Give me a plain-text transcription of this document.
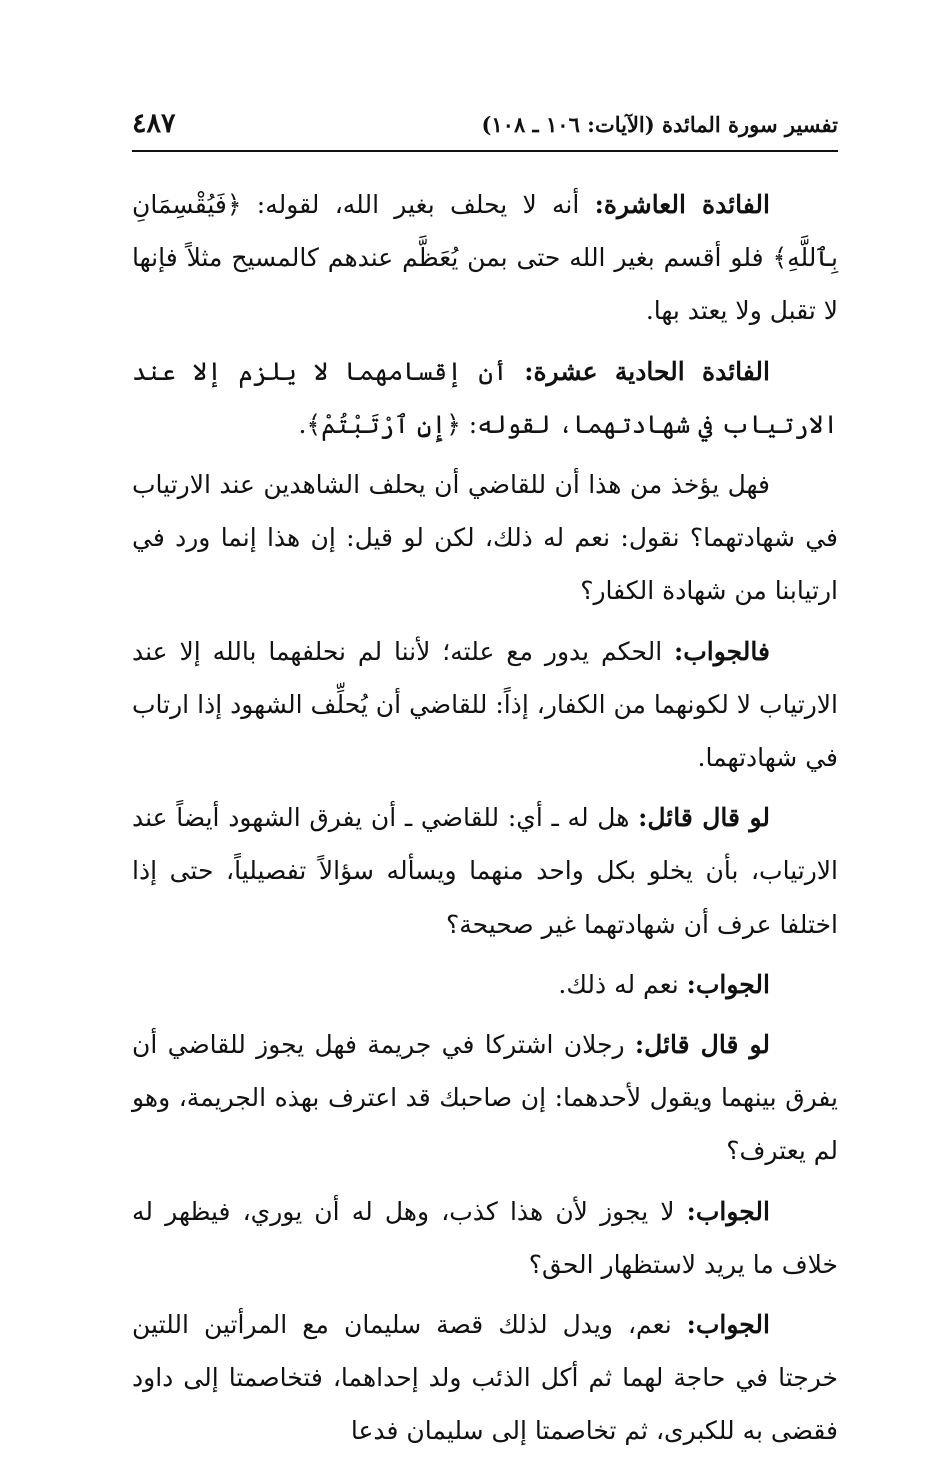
تفسير سورة المائدة (الآيات: ١٠٦ ـ ١٠٨)
٤٨٧

الفائدة العاشرة: أنه لا يحلف بغير الله، لقوله: ﴿فَيُقْسِمَانِ بِٱللَّهِ﴾ فلو أقسم بغير الله حتى بمن يُعَظَّم عندهم كالمسيح مثلاً فإنها لا تقبل ولا يعتد بها.

الفائدة الحادية عشرة: أن إقسامهما لا يلزم إلا عند الارتياب في شهادتهما، لقوله: ﴿إِنِ ٱرْتَبْتُمْ﴾.

فهل يؤخذ من هذا أن للقاضي أن يحلف الشاهدين عند الارتياب في شهادتهما؟ نقول: نعم له ذلك، لكن لو قيل: إن هذا إنما ورد في ارتيابنا من شهادة الكفار؟

فالجواب: الحكم يدور مع علته؛ لأننا لم نحلفهما بالله إلا عند الارتياب لا لكونهما من الكفار، إذاً: للقاضي أن يُحلِّف الشهود إذا ارتاب في شهادتهما.

لو قال قائل: هل له ـ أي: للقاضي ـ أن يفرق الشهود أيضاً عند الارتياب، بأن يخلو بكل واحد منهما ويسأله سؤالاً تفصيلياً، حتى إذا اختلفا عرف أن شهادتهما غير صحيحة؟

الجواب: نعم له ذلك.

لو قال قائل: رجلان اشتركا في جريمة فهل يجوز للقاضي أن يفرق بينهما ويقول لأحدهما: إن صاحبك قد اعترف بهذه الجريمة، وهو لم يعترف؟

الجواب: لا يجوز لأن هذا كذب، وهل له أن يوري، فيظهر له خلاف ما يريد لاستظهار الحق؟

الجواب: نعم، ويدل لذلك قصة سليمان مع المرأتين اللتين خرجتا في حاجة لهما ثم أكل الذئب ولد إحداهما، فتخاصمتا إلى داود فقضى به للكبرى، ثم تخاصمتا إلى سليمان فدعا
